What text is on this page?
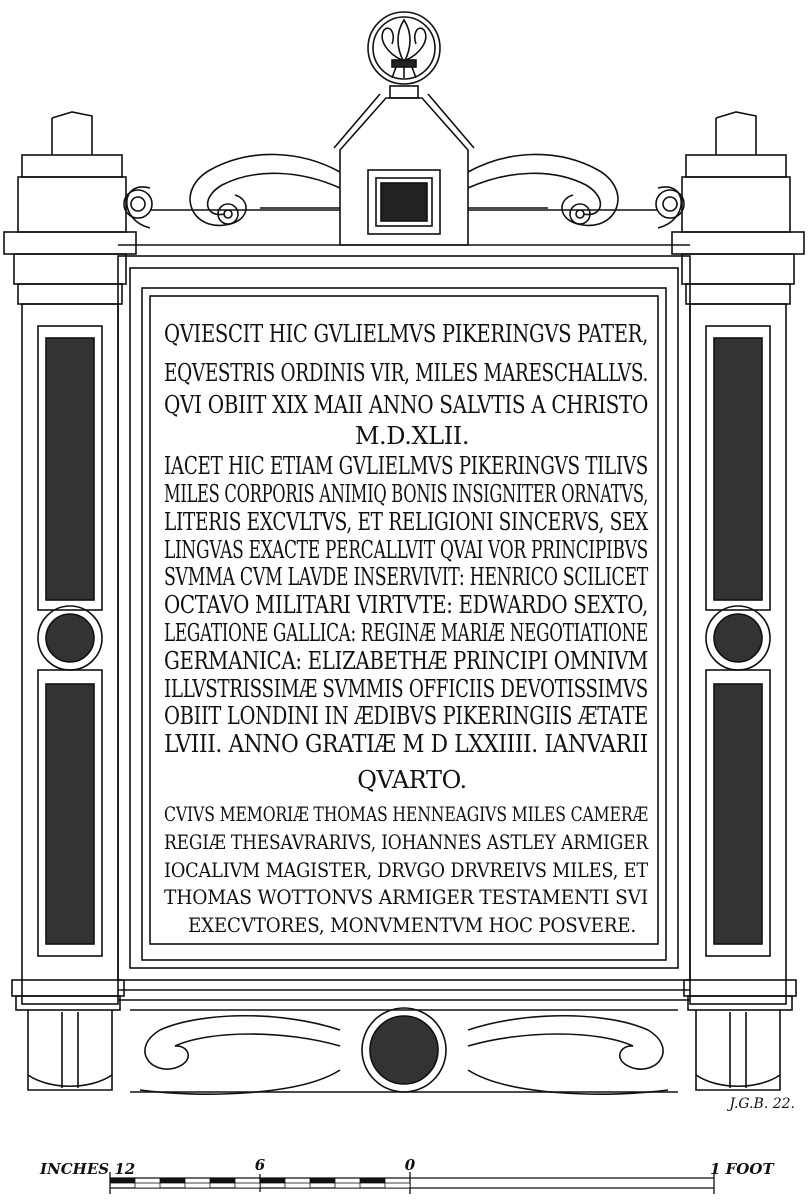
QVIESCIT HIC GVLIELMVS PIKERINGVS PATER,
EQVESTRIS ORDINIS VIR, MILES MARESCHALLVS.
QVI OBIIT XIX MAII ANNO SALVTIS A CHRISTO
M.D.XLII.
IACET HIC ETIAM GVLIELMVS PIKERINGVS TILIVS
MILES CORPORIS ANIMIQ BONIS INSIGNITER ORNATVS,
LITERIS EXCVLTVS, ET RELIGIONI SINCERVS, SEX
LINGVAS EXACTE PERCALLVIT QVAI VOR PRINCIPIBVS
SVMMA CVM LAVDE INSERVIVIT: HENRICO SCILICET
OCTAVO MILITARI VIRTVTE: EDWARDO SEXTO,
LEGATIONE GALLICA: REGINÆ MARIÆ NEGOTIATIONE
GERMANICA: ELIZABETHÆ PRINCIPI OMNIVM
ILLVSTRISSIMÆ SVMMIS OFFICIIS DEVOTISSIMVS
OBIIT LONDINI IN ÆDIBVS PIKERINGIIS ÆTATE
LVIII. ANNO GRATIÆ M D LXXIIII. IANVARII
QVARTO.
CVIVS MEMORIÆ THOMAS HENNEAGIVS MILES CAMERÆ
REGIÆ THESAVRARIVS, IOHANNES ASTLEY ARMIGER
IOCALIVM MAGISTER, DRVGO DRVREIVS MILES, ET
THOMAS WOTTONVS ARMIGER TESTAMENTI SVI
EXECVTORES, MONVMENTVM HOC POSVERE.
J.G.B. 22.
INCHES 12	6	0	1 FOOT
